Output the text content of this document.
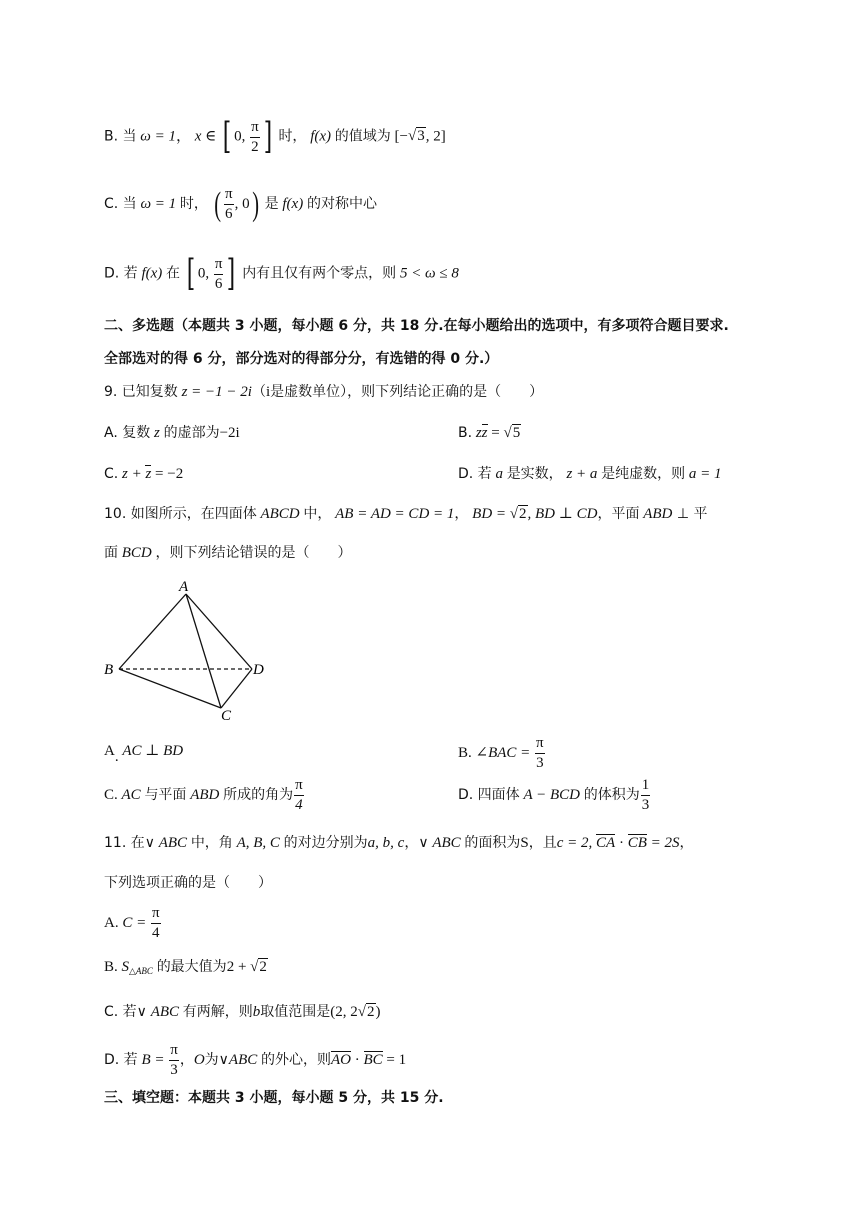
B. 当 ω = 1， x ∈ [ 0, $\frac{\pi}{2}$ ] 时， f(x) 的值域为 [−√3, 2]
C. 当 ω = 1 时， ( $\frac{\pi}{6}$ , 0) 是 f(x) 的对称中心
D. 若 f(x) 在 [ 0, $\frac{\pi}{6}$ ] 内有且仅有两个零点，则 5 < ω ≤ 8
二、多选题（本题共 3 小题，每小题 6 分，共 18 分.在每小题给出的选项中，有多项符合题目要求.
全部选对的得 6 分，部分选对的得部分分，有选错的得 0 分.）
9. 已知复数 z = −1 − 2i（i是虚数单位），则下列结论正确的是（　　）
A. 复数 z 的虚部为−2i	B. zz = √5
C. z + z = −2	D. 若 a 是实数， z + a 是纯虚数，则 a = 1
10. 如图所示，在四面体 ABCD 中， AB = AD = CD = 1， BD = √2, BD ⊥ CD，平面 ABD ⊥ 平
面 BCD ，则下列结论错误的是（　　）
A
B
C
D
A. AC ⊥ BD	B. ∠BAC = $\frac{\pi}{3}$
C. AC 与平面 ABD 所成的角为 $\frac{\pi}{4}$	D. 四面体 A − BCD 的体积为 $\frac{1}{3}$
11. 在∨ ABC 中，角 A, B, C 的对边分别为a, b, c，∨ ABC 的面积为S，且c = 2, CA · CB = 2S，
下列选项正确的是（　　）
A. $C = \frac{\pi}{4}$
B. $S_{\triangle ABC}$ 的最大值为2 + √2
C. 若∨ ABC 有两解，则b取值范围是(2, 2√2)
D. 若 $B = \frac{\pi}{3}$ ，O为∨ABC 的外心，则AO · BC = 1
三、填空题：本题共 3 小题，每小题 5 分，共 15 分.
